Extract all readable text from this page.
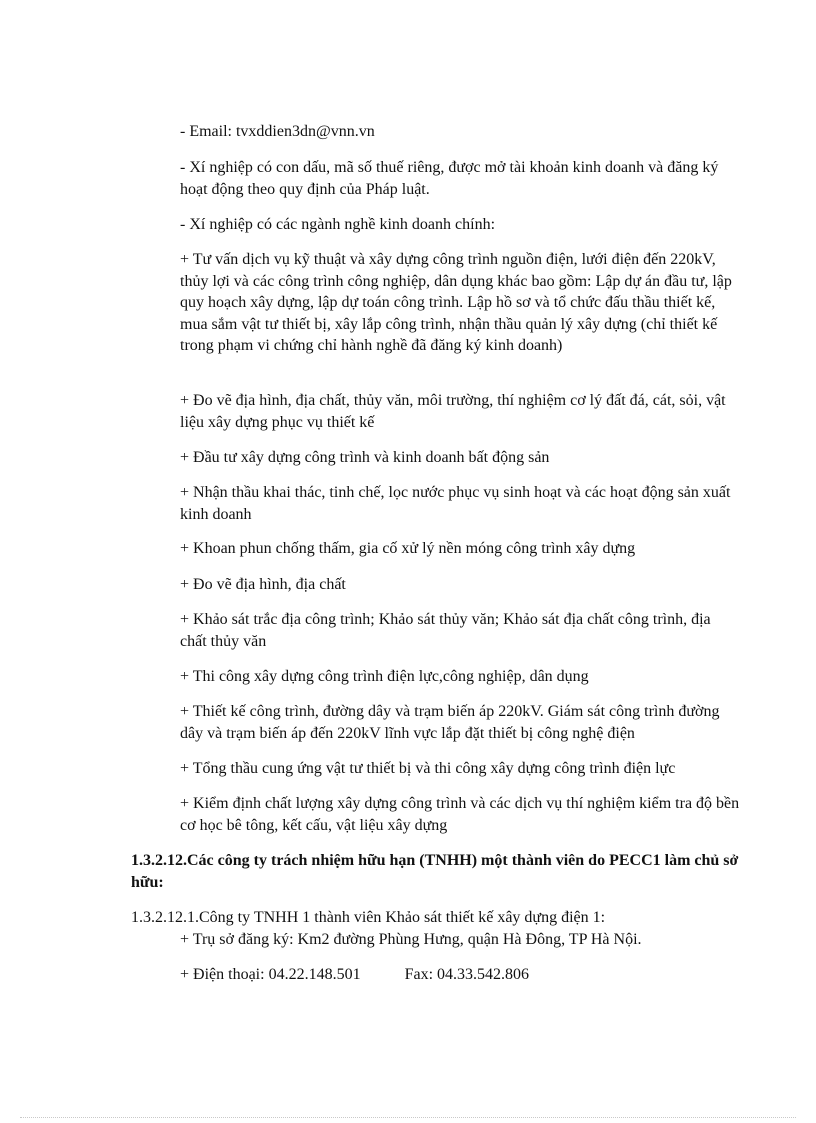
- Email: tvxddien3dn@vnn.vn

- Xí nghiệp có con dấu, mã số thuế riêng, được mở tài khoản kinh doanh và đăng ký hoạt động theo quy định của Pháp luật.

- Xí nghiệp có các ngành nghề kinh doanh chính:

+ Tư vấn dịch vụ kỹ thuật và xây dựng công trình nguồn điện, lưới điện đến 220kV, thủy lợi và các công trình công nghiệp, dân dụng khác bao gồm: Lập dự án đầu tư, lập quy hoạch xây dựng, lập dự toán công trình. Lập hồ sơ và tổ chức đấu thầu thiết kế, mua sắm vật tư thiết bị, xây lắp công trình, nhận thầu quản lý xây dựng (chỉ thiết kế trong phạm vi chứng chỉ hành nghề đã đăng ký kinh doanh)

+ Đo vẽ địa hình, địa chất, thủy văn, môi trường, thí nghiệm cơ lý đất đá, cát, sỏi, vật liệu xây dựng phục vụ thiết kế

+ Đầu tư xây dựng công trình và kinh doanh bất động sản

+ Nhận thầu khai thác, tinh chế, lọc nước phục vụ sinh hoạt và các hoạt động sản xuất kinh doanh

+ Khoan phun chống thấm, gia cố xử lý nền móng công trình xây dựng

+ Đo vẽ địa hình, địa chất

+ Khảo sát trắc địa công trình; Khảo sát thủy văn; Khảo sát địa chất công trình, địa chất thủy văn

+ Thi công xây dựng công trình điện lực,công nghiệp, dân dụng

+ Thiết kế công trình, đường dây và trạm biến áp 220kV. Giám sát công trình đường dây và trạm biến áp đến 220kV lĩnh vực lắp đặt thiết bị công nghệ điện

+ Tổng thầu cung ứng vật tư thiết bị và thi công xây dựng công trình điện lực

+ Kiểm định chất lượng xây dựng công trình và các dịch vụ thí nghiệm kiểm tra độ bền cơ học bê tông, kết cấu, vật liệu xây dựng

1.3.2.12.Các công ty trách nhiệm hữu hạn (TNHH) một thành viên do PECC1 làm chủ sở hữu:

1.3.2.12.1.Công ty TNHH 1 thành viên Khảo sát thiết kế xây dựng điện 1:

+ Trụ sở đăng ký: Km2 đường Phùng Hưng, quận Hà Đông, TP Hà Nội.

+ Điện thoại: 04.22.148.501	Fax: 04.33.542.806
